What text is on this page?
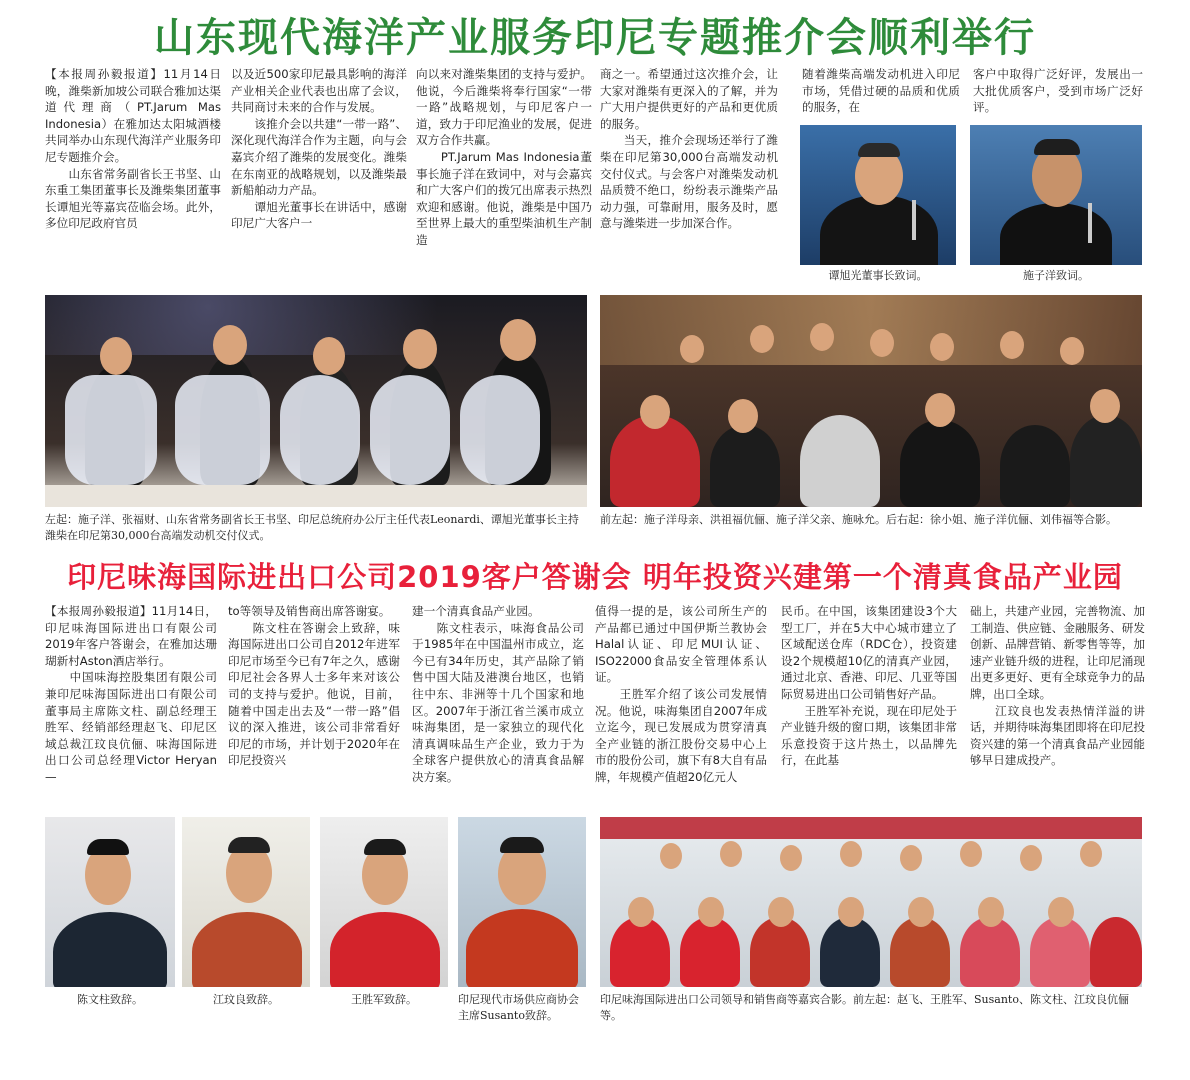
山东现代海洋产业服务印尼专题推介会顺利举行

【本报周孙毅报道】11月14日晚，潍柴新加坡公司联合雅加达渠道代理商（PT.Jarum Mas Indonesia）在雅加达太阳城酒楼共同举办山东现代海洋产业服务印尼专题推介会。

　　山东省常务副省长王书坚、山东重工集团董事长及潍柴集团董事长谭旭光等嘉宾莅临会场。此外，多位印尼政府官员

以及近500家印尼最具影响的海洋产业相关企业代表也出席了会议，共同商讨未来的合作与发展。

　　该推介会以共建“一带一路”、深化现代海洋合作为主题，向与会嘉宾介绍了潍柴的发展变化。潍柴在东南亚的战略规划，以及潍柴最新船舶动力产品。

　　谭旭光董事长在讲话中，感谢印尼广大客户一

向以来对潍柴集团的支持与爱护。他说，今后潍柴将奉行国家“一带一路”战略规划，与印尼客户一道，致力于印尼渔业的发展，促进双方合作共赢。

　　PT.Jarum Mas Indonesia董事长施子洋在致词中，对与会嘉宾和广大客户们的拨冗出席表示热烈欢迎和感谢。他说，潍柴是中国乃至世界上最大的重型柴油机生产制造

商之一。希望通过这次推介会，让大家对潍柴有更深入的了解，并为广大用户提供更好的产品和更优质的服务。

　　当天，推介会现场还举行了潍柴在印尼第30,000台高端发动机交付仪式。与会客户对潍柴发动机品质赞不绝口，纷纷表示潍柴产品动力强，可靠耐用，服务及时，愿意与潍柴进一步加深合作。

随着潍柴高端发动机进入印尼市场，凭借过硬的品质和优质的服务，在
客户中取得广泛好评，发展出一大批优质客户，受到市场广泛好评。
谭旭光董事长致词。	施子洋致词。
左起：施子洋、张福财、山东省常务副省长王书坚、印尼总统府办公厅主任代表Leonardi、谭旭光董事长主持潍柴在印尼第30,000台高端发动机交付仪式。
前左起：施子洋母亲、洪祖福伉俪、施子洋父亲、施咏允。后右起：徐小姐、施子洋伉俪、刘伟福等合影。
印尼味海国际进出口公司2019客户答谢会 明年投资兴建第一个清真食品产业园

【本报周孙毅报道】11月14日，印尼味海国际进出口有限公司2019年客户答谢会，在雅加达珊瑚新村Aston酒店举行。

　　中国味海控股集团有限公司兼印尼味海国际进出口有限公司董事局主席陈文柱、副总经理王胜军、经销部经理赵飞、印尼区域总裁江玟良伉俪、味海国际进出口公司总经理Victor Heryan—

to等领导及销售商出席答谢宴。

　　陈文柱在答谢会上致辞，味海国际进出口公司自2012年进军印尼市场至今已有7年之久，感谢印尼社会各界人士多年来对该公司的支持与爱护。他说，目前，随着中国走出去及“一带一路”倡议的深入推进，该公司非常看好印尼的市场，并计划于2020年在印尼投资兴

建一个清真食品产业园。

　　陈文柱表示，味海食品公司于1985年在中国温州市成立，迄今已有34年历史，其产品除了销售中国大陆及港澳台地区，也销往中东、非洲等十几个国家和地区。2007年于浙江省兰溪市成立味海集团，是一家独立的现代化清真调味品生产企业，致力于为全球客户提供放心的清真食品解决方案。

值得一提的是，该公司所生产的产品都已通过中国伊斯兰教协会Halal认证、印尼MUI认证、ISO22000食品安全管理体系认证。

　　王胜军介绍了该公司发展情况。他说，味海集团自2007年成立迄今，现已发展成为贯穿清真全产业链的浙江股份交易中心上市的股份公司，旗下有8大自有品牌，年规模产值超20亿元人

民币。在中国，该集团建设3个大型工厂，并在5大中心城市建立了区域配送仓库（RDC仓），投资建设2个规模超10亿的清真产业园，通过北京、香港、印尼、几亚等国际贸易进出口公司销售好产品。

　　王胜军补充说，现在印尼处于产业链升级的窗口期，该集团非常乐意投资于这片热土，以品牌先行，在此基

础上，共建产业园，完善物流、加工制造、供应链、金融服务、研发创新、品牌营销、新零售等等，加速产业链升级的进程，让印尼涌现出更多更好、更有全球竞争力的品牌，出口全球。

　　江玟良也发表热情洋溢的讲话，并期待味海集团即将在印尼投资兴建的第一个清真食品产业园能够早日建成投产。

陈文柱致辞。	江玟良致辞。	王胜军致辞。	印尼现代市场供应商协会主席Susanto致辞。
印尼味海国际进出口公司领导和销售商等嘉宾合影。前左起：赵飞、王胜军、Susanto、陈文柱、江玟良伉俪等。
